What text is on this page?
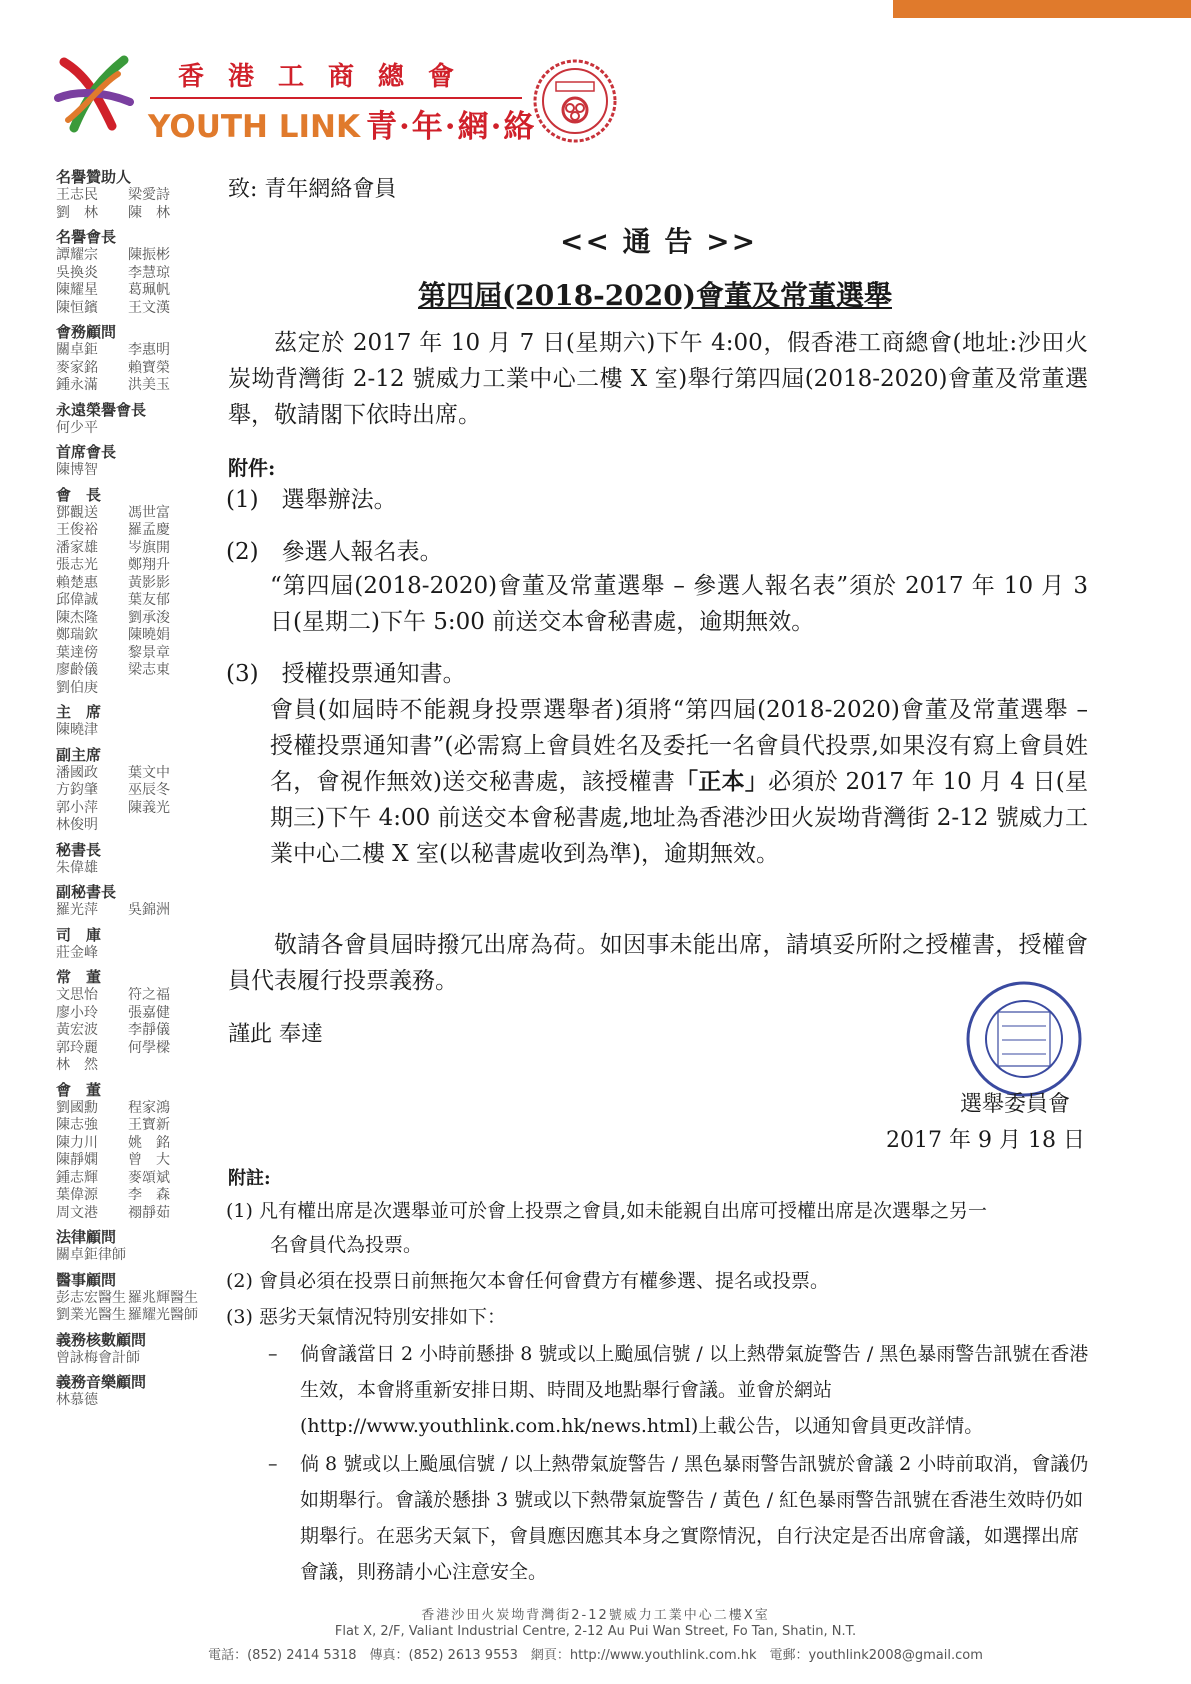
香港工商總會
YOUTH LINK 青·年·網·絡
名譽贊助人
王志民	梁愛詩
劉　林	陳　林
名譽會長
譚耀宗	陳振彬
吳換炎	李慧琼
陳耀星	葛珮帆
陳恒鑌	王文漢
會務顧問
關卓鉅	李惠明
麥家銘	賴寶榮
鍾永滿	洪美玉
永遠榮譽會長
何少平
首席會長
陳博智
會　長
鄧觀送	馮世富
王俊裕	羅孟慶
潘家雄	岑旗開
張志光	鄭翔升
賴楚惠	黃影影
邱偉誠	葉友郁
陳杰隆	劉承浚
鄭瑞欽	陳曉娟
葉達傍	黎景章
廖齡儀	梁志東
劉伯庚
主　席
陳曉津
副主席
潘國政	葉文中
方鈞肇	巫辰冬
郭小萍	陳義光
林俊明
秘書長
朱偉雄
副秘書長
羅光萍	吳錦洲
司　庫
莊金峰
常　董
文思怡	符之福
廖小玲	張嘉健
黃宏波	李靜儀
郭玲麗	何學樑
林　然
會　董
劉國勳	程家鴻
陳志強	王寶新
陳力川	姚　銘
陳靜嫻	曾　大
鍾志輝	麥頌斌
葉偉源	李　森
周文港	禤靜茹
法律顧問
關卓鉅律師
醫事顧問
彭志宏醫生 羅兆輝醫生
劉業光醫生 羅耀光醫師
義務核數顧問
曾詠梅會計師
義務音樂顧問
林慕德
致: 青年網絡會員
<< 通 告 >>
第四屆(2018-2020)會董及常董選舉
茲定於 2017 年 10 月 7 日(星期六)下午 4:00，假香港工商總會(地址:沙田火炭坳背灣街 2-12 號威力工業中心二樓 X 室)舉行第四屆(2018-2020)會董及常董選舉，敬請閣下依時出席。
附件:
(1)　選舉辦法。
(2)　參選人報名表。
“第四屆(2018-2020)會董及常董選舉 – 參選人報名表”須於 2017 年 10 月 3 日(星期二)下午 5:00 前送交本會秘書處，逾期無效。
(3)　授權投票通知書。
會員(如屆時不能親身投票選舉者)須將“第四屆(2018-2020)會董及常董選舉 – 授權投票通知書”(必需寫上會員姓名及委托一名會員代投票,如果沒有寫上會員姓名，會視作無效)送交秘書處，該授權書「正本」必須於 2017 年 10 月 4 日(星期三)下午 4:00 前送交本會秘書處,地址為香港沙田火炭坳背灣街 2-12 號威力工業中心二樓 X 室(以秘書處收到為準)，逾期無效。
敬請各會員屆時撥冗出席為荷。如因事未能出席，請填妥所附之授權書，授權會員代表履行投票義務。
謹此 奉達
選舉委員會
2017 年 9 月 18 日
附註:
(1) 凡有權出席是次選舉並可於會上投票之會員,如未能親自出席可授權出席是次選舉之另一
名會員代為投票。
(2) 會員必須在投票日前無拖欠本會任何會費方有權參選、提名或投票。
(3) 惡劣天氣情況特別安排如下：
– 倘會議當日 2 小時前懸掛 8 號或以上颱風信號 / 以上熱帶氣旋警告 / 黑色暴雨警告訊號在香港生效，本會將重新安排日期、時間及地點舉行會議。並會於網站(http://www.youthlink.com.hk/news.html)上載公告，以通知會員更改詳情。
– 倘 8 號或以上颱風信號 / 以上熱帶氣旋警告 / 黑色暴雨警告訊號於會議 2 小時前取消，會議仍如期舉行。會議於懸掛 3 號或以下熱帶氣旋警告 / 黃色 / 紅色暴雨警告訊號在香港生效時仍如期舉行。在惡劣天氣下，會員應因應其本身之實際情況，自行決定是否出席會議，如選擇出席會議，則務請小心注意安全。
香港沙田火炭坳背灣街2-12號威力工業中心二樓X室
Flat X, 2/F, Valiant Industrial Centre, 2-12 Au Pui Wan Street, Fo Tan, Shatin, N.T.
電話：(852) 2414 5318　傳真：(852) 2613 9553　網頁：http://www.youthlink.com.hk　電郵：youthlink2008@gmail.com
